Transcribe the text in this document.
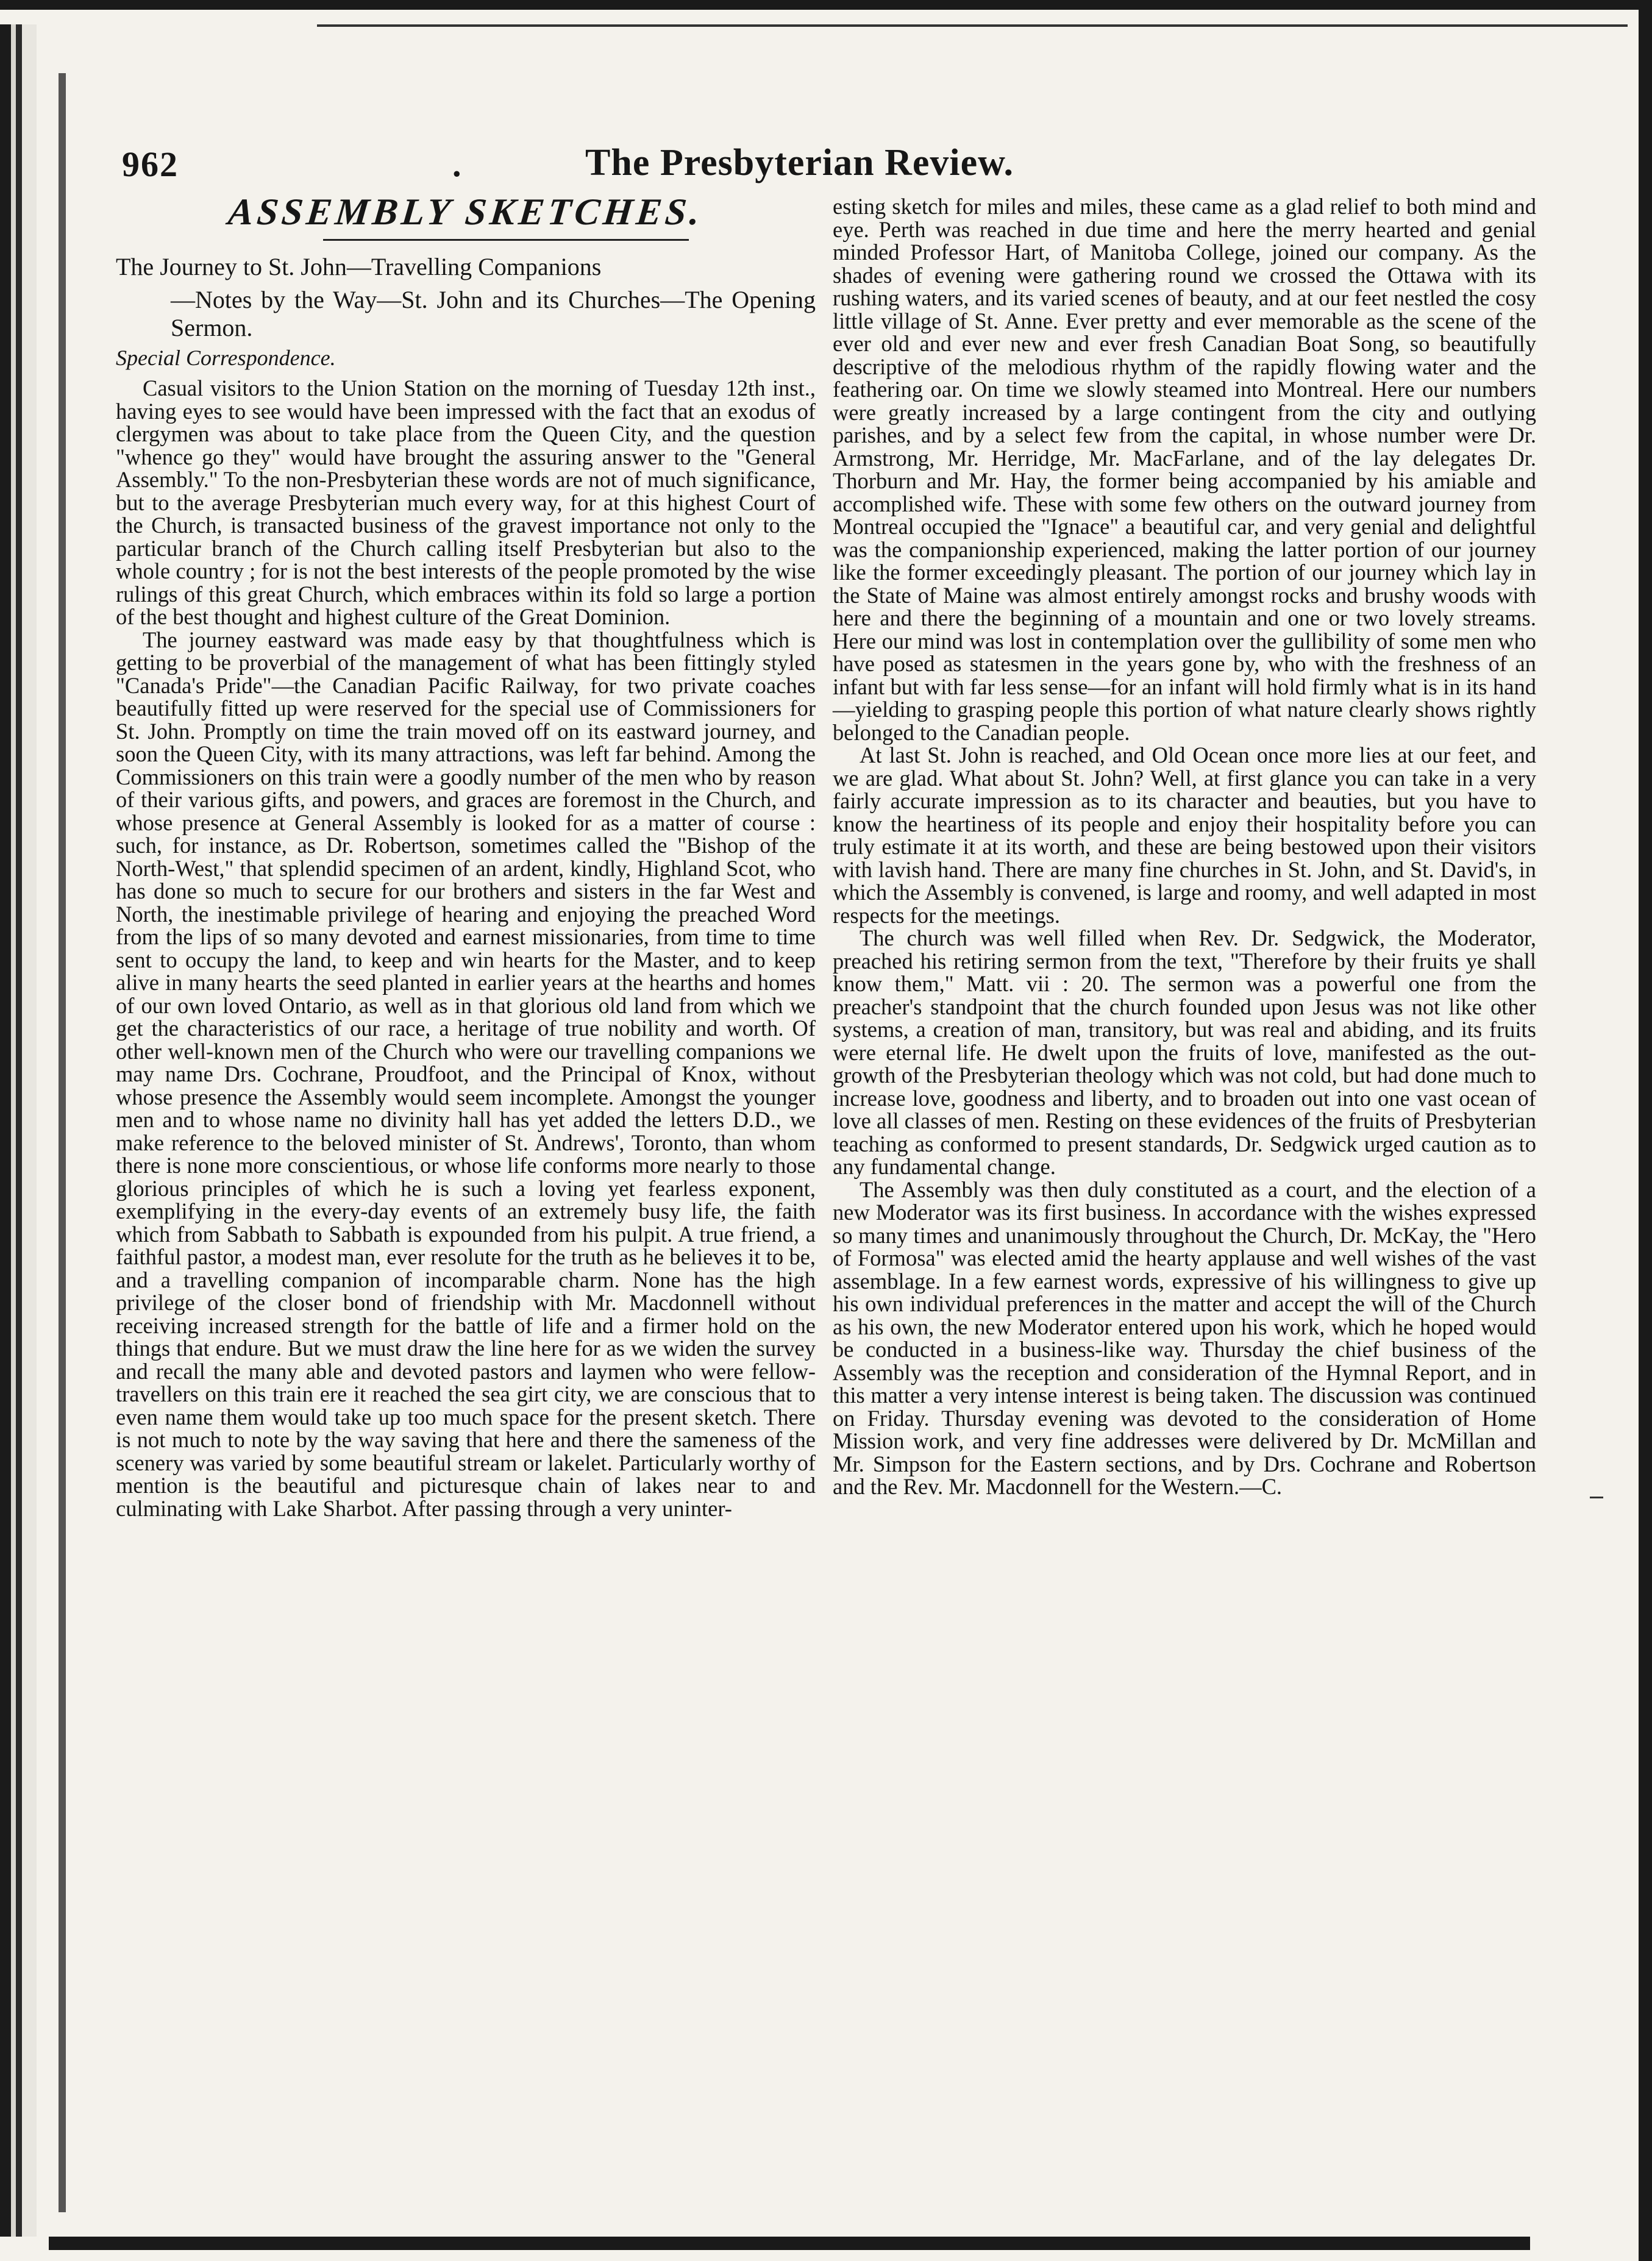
962	.	The Presbyterian Review.
ASSEMBLY SKETCHES.
The Journey to St. John—Travelling Companions
—Notes by the Way—St. John and its Churches—The Opening Sermon.
Special Correspondence.

Casual visitors to the Union Station on the morning of Tuesday 12th inst., having eyes to see would have been impressed with the fact that an exodus of clergymen was about to take place from the Queen City, and the question "whence go they" would have brought the assuring answer to the "General Assembly." To the non-Presbyterian these words are not of much significance, but to the average Presbyterian much every way, for at this highest Court of the Church, is transacted business of the gravest importance not only to the particular branch of the Church calling itself Presbyterian but also to the whole country ; for is not the best interests of the people promoted by the wise rulings of this great Church, which embraces within its fold so large a portion of the best thought and highest culture of the Great Dominion.

The journey eastward was made easy by that thoughtfulness which is getting to be proverbial of the management of what has been fittingly styled "Canada's Pride"—the Canadian Pacific Railway, for two private coaches beautifully fitted up were reserved for the special use of Commissioners for St. John. Promptly on time the train moved off on its eastward journey, and soon the Queen City, with its many attractions, was left far behind. Among the Commissioners on this train were a goodly number of the men who by reason of their various gifts, and powers, and graces are foremost in the Church, and whose presence at General Assembly is looked for as a matter of course : such, for instance, as Dr. Robertson, sometimes called the "Bishop of the North-West," that splendid specimen of an ardent, kindly, Highland Scot, who has done so much to secure for our brothers and sisters in the far West and North, the inestimable privilege of hearing and enjoying the preached Word from the lips of so many devoted and earnest missionaries, from time to time sent to occupy the land, to keep and win hearts for the Master, and to keep alive in many hearts the seed planted in earlier years at the hearths and homes of our own loved Ontario, as well as in that glorious old land from which we get the characteristics of our race, a heritage of true nobility and worth. Of other well-known men of the Church who were our travelling companions we may name Drs. Cochrane, Proudfoot, and the Principal of Knox, without whose presence the Assembly would seem incomplete. Amongst the younger men and to whose name no divinity hall has yet added the letters D.D., we make reference to the beloved minister of St. Andrews', Toronto, than whom there is none more conscientious, or whose life conforms more nearly to those glorious principles of which he is such a loving yet fearless exponent, exemplifying in the every-day events of an extremely busy life, the faith which from Sabbath to Sabbath is expounded from his pulpit. A true friend, a faithful pastor, a modest man, ever resolute for the truth as he believes it to be, and a travelling companion of incomparable charm. None has the high privilege of the closer bond of friendship with Mr. Macdonnell without receiving increased strength for the battle of life and a firmer hold on the things that endure. But we must draw the line here for as we widen the survey and recall the many able and devoted pastors and laymen who were fellow-travellers on this train ere it reached the sea girt city, we are conscious that to even name them would take up too much space for the present sketch. There is not much to note by the way saving that here and there the sameness of the scenery was varied by some beautiful stream or lakelet. Particularly worthy of mention is the beautiful and picturesque chain of lakes near to and culminating with Lake Sharbot. After passing through a very uninter-

esting sketch for miles and miles, these came as a glad relief to both mind and eye. Perth was reached in due time and here the merry hearted and genial minded Professor Hart, of Manitoba College, joined our company. As the shades of evening were gathering round we crossed the Ottawa with its rushing waters, and its varied scenes of beauty, and at our feet nestled the cosy little village of St. Anne. Ever pretty and ever memorable as the scene of the ever old and ever new and ever fresh Canadian Boat Song, so beautifully descriptive of the melodious rhythm of the rapidly flowing water and the feathering oar. On time we slowly steamed into Montreal. Here our numbers were greatly increased by a large contingent from the city and outlying parishes, and by a select few from the capital, in whose number were Dr. Armstrong, Mr. Herridge, Mr. MacFarlane, and of the lay delegates Dr. Thorburn and Mr. Hay, the former being accompanied by his amiable and accomplished wife. These with some few others on the outward journey from Montreal occupied the "Ignace" a beautiful car, and very genial and delightful was the companionship experienced, making the latter portion of our journey like the former exceedingly pleasant. The portion of our journey which lay in the State of Maine was almost entirely amongst rocks and brushy woods with here and there the beginning of a mountain and one or two lovely streams. Here our mind was lost in contemplation over the gullibility of some men who have posed as statesmen in the years gone by, who with the freshness of an infant but with far less sense—for an infant will hold firmly what is in its hand—yielding to grasping people this portion of what nature clearly shows rightly belonged to the Canadian people.

At last St. John is reached, and Old Ocean once more lies at our feet, and we are glad. What about St. John? Well, at first glance you can take in a very fairly accurate impression as to its character and beauties, but you have to know the heartiness of its people and enjoy their hospitality before you can truly estimate it at its worth, and these are being bestowed upon their visitors with lavish hand. There are many fine churches in St. John, and St. David's, in which the Assembly is convened, is large and roomy, and well adapted in most respects for the meetings.

The church was well filled when Rev. Dr. Sedgwick, the Moderator, preached his retiring sermon from the text, "Therefore by their fruits ye shall know them," Matt. vii : 20. The sermon was a powerful one from the preacher's standpoint that the church founded upon Jesus was not like other systems, a creation of man, transitory, but was real and abiding, and its fruits were eternal life. He dwelt upon the fruits of love, manifested as the out-growth of the Presbyterian theology which was not cold, but had done much to increase love, goodness and liberty, and to broaden out into one vast ocean of love all classes of men. Resting on these evidences of the fruits of Presbyterian teaching as conformed to present standards, Dr. Sedgwick urged caution as to any fundamental change.

The Assembly was then duly constituted as a court, and the election of a new Moderator was its first business. In accordance with the wishes expressed so many times and unanimously throughout the Church, Dr. McKay, the "Hero of Formosa" was elected amid the hearty applause and well wishes of the vast assemblage. In a few earnest words, expressive of his willingness to give up his own individual preferences in the matter and accept the will of the Church as his own, the new Moderator entered upon his work, which he hoped would be conducted in a business-like way. Thursday the chief business of the Assembly was the reception and consideration of the Hymnal Report, and in this matter a very intense interest is being taken. The discussion was continued on Friday. Thursday evening was devoted to the consideration of Home Mission work, and very fine addresses were delivered by Dr. McMillan and Mr. Simpson for the Eastern sections, and by Drs. Cochrane and Robertson and the Rev. Mr. Macdonnell for the Western.—C.
